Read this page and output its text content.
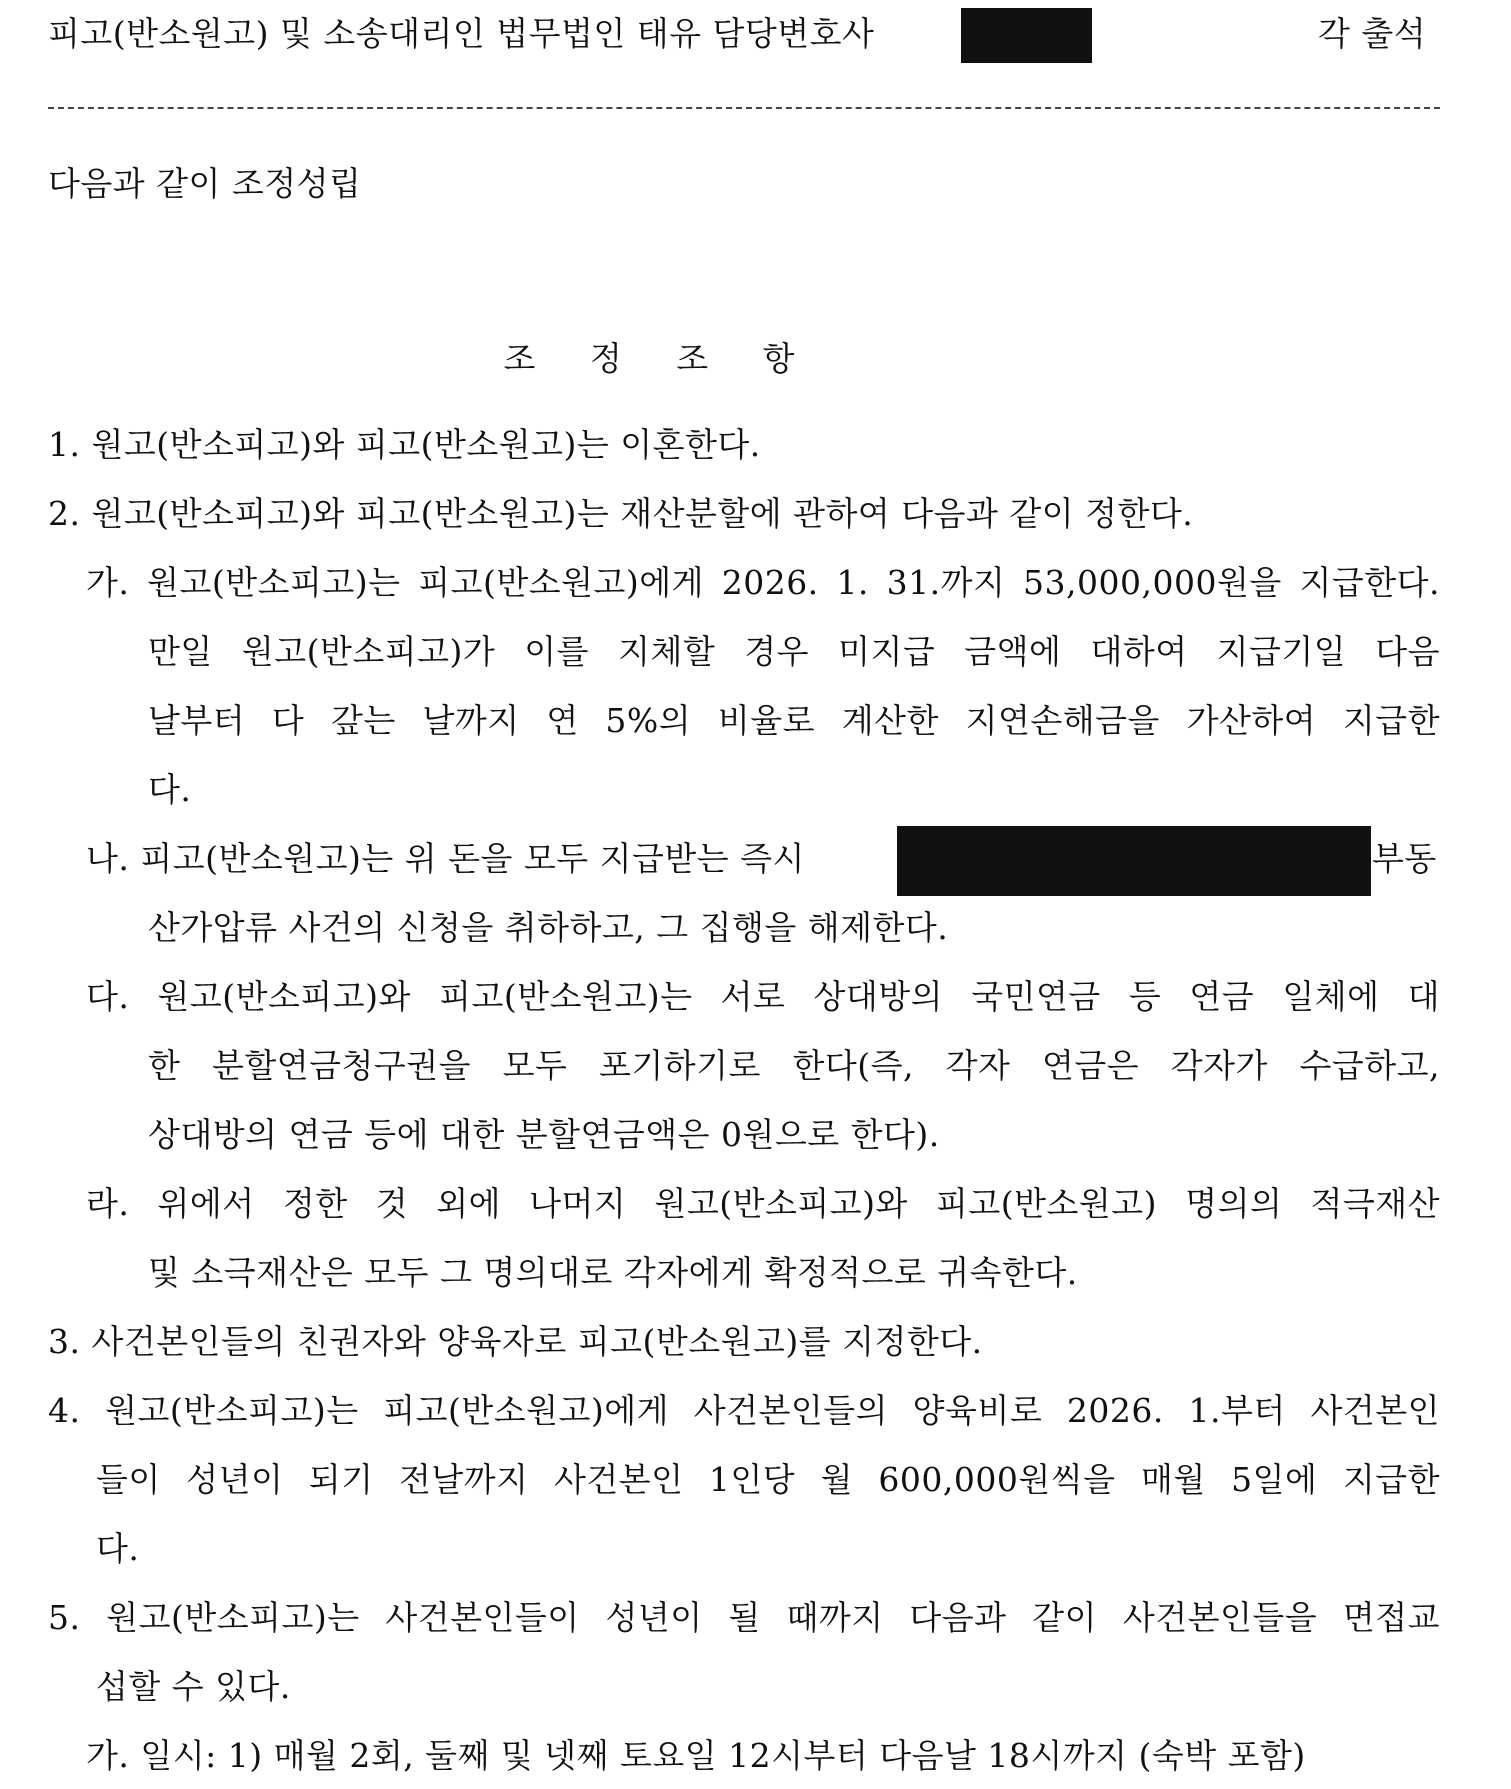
피고(반소원고) 및 소송대리인 법무법인 태유 담당변호사	각 출석
다음과 같이 조정성립
조 정 조 항
1. 원고(반소피고)와 피고(반소원고)는 이혼한다.
2. 원고(반소피고)와 피고(반소원고)는 재산분할에 관하여 다음과 같이 정한다.
가. 원고(반소피고)는 피고(반소원고)에게 2026. 1. 31.까지 53,000,000원을 지급한다.
만일 원고(반소피고)가 이를 지체할 경우 미지급 금액에 대하여 지급기일 다음
날부터 다 갚는 날까지 연 5%의 비율로 계산한 지연손해금을 가산하여 지급한
다.
나. 피고(반소원고)는 위 돈을 모두 지급받는 즉시	부동
산가압류 사건의 신청을 취하하고, 그 집행을 해제한다.
다. 원고(반소피고)와 피고(반소원고)는 서로 상대방의 국민연금 등 연금 일체에 대
한 분할연금청구권을 모두 포기하기로 한다(즉, 각자 연금은 각자가 수급하고,
상대방의 연금 등에 대한 분할연금액은 0원으로 한다).
라. 위에서 정한 것 외에 나머지 원고(반소피고)와 피고(반소원고) 명의의 적극재산
및 소극재산은 모두 그 명의대로 각자에게 확정적으로 귀속한다.
3. 사건본인들의 친권자와 양육자로 피고(반소원고)를 지정한다.
4. 원고(반소피고)는 피고(반소원고)에게 사건본인들의 양육비로 2026. 1.부터 사건본인
들이 성년이 되기 전날까지 사건본인 1인당 월 600,000원씩을 매월 5일에 지급한
다.
5. 원고(반소피고)는 사건본인들이 성년이 될 때까지 다음과 같이 사건본인들을 면접교
섭할 수 있다.
가. 일시: 1) 매월 2회, 둘째 및 넷째 토요일 12시부터 다음날 18시까지 (숙박 포함)
